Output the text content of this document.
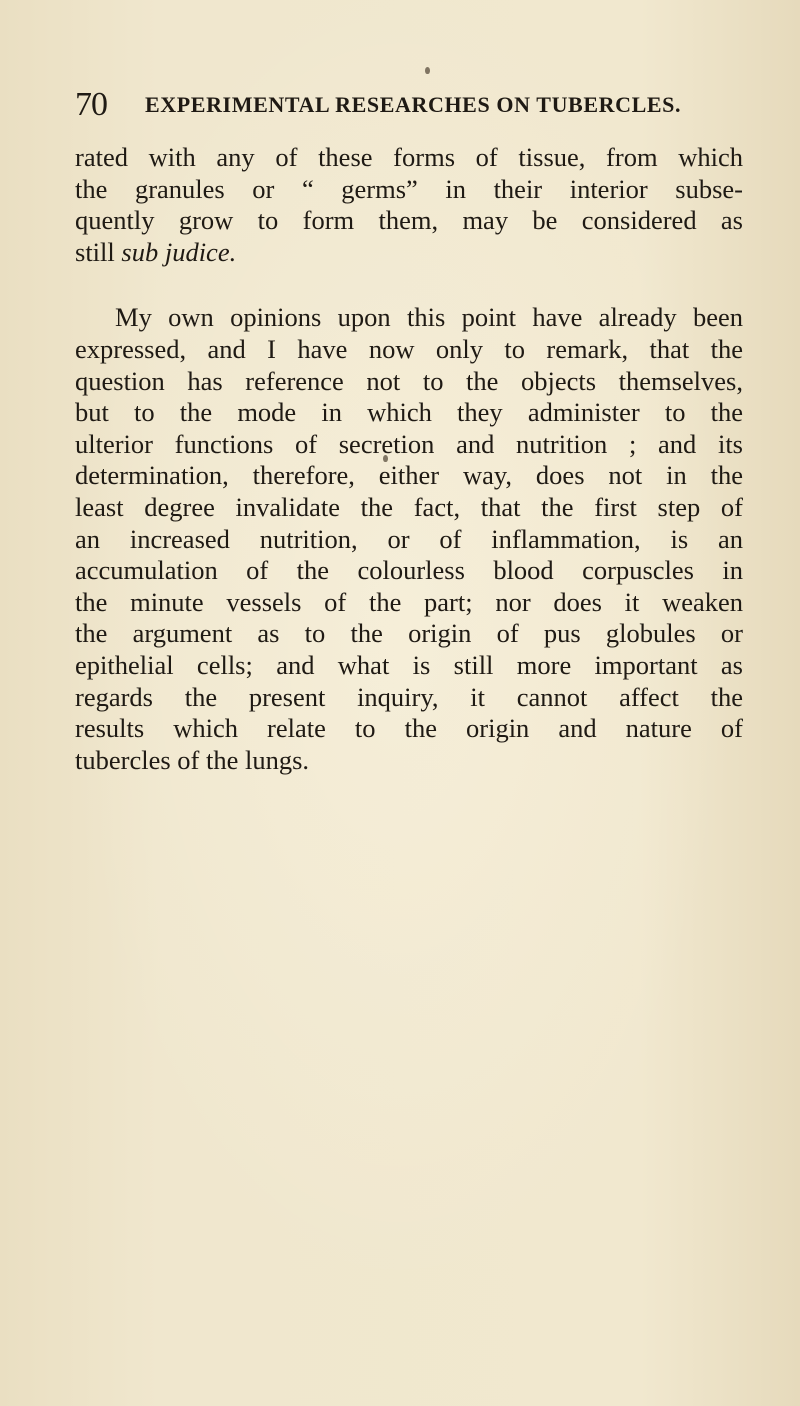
70 EXPERIMENTAL RESEARCHES ON TUBERCLES.
rated with any of these forms of tissue, from which
the granules or “ germs” in their interior subse-
quently grow to form them, may be considered as
still sub judice.
My own opinions upon this point have already been
expressed, and I have now only to remark, that the
question has reference not to the objects themselves,
but to the mode in which they administer to the
ulterior functions of secretion and nutrition ; and its
determination, therefore, either way, does not in the
least degree invalidate the fact, that the first step of
an increased nutrition, or of inflammation, is an
accumulation of the colourless blood corpuscles in
the minute vessels of the part; nor does it weaken
the argument as to the origin of pus globules or
epithelial cells; and what is still more important as
regards the present inquiry, it cannot affect the
results which relate to the origin and nature of
tubercles of the lungs.
